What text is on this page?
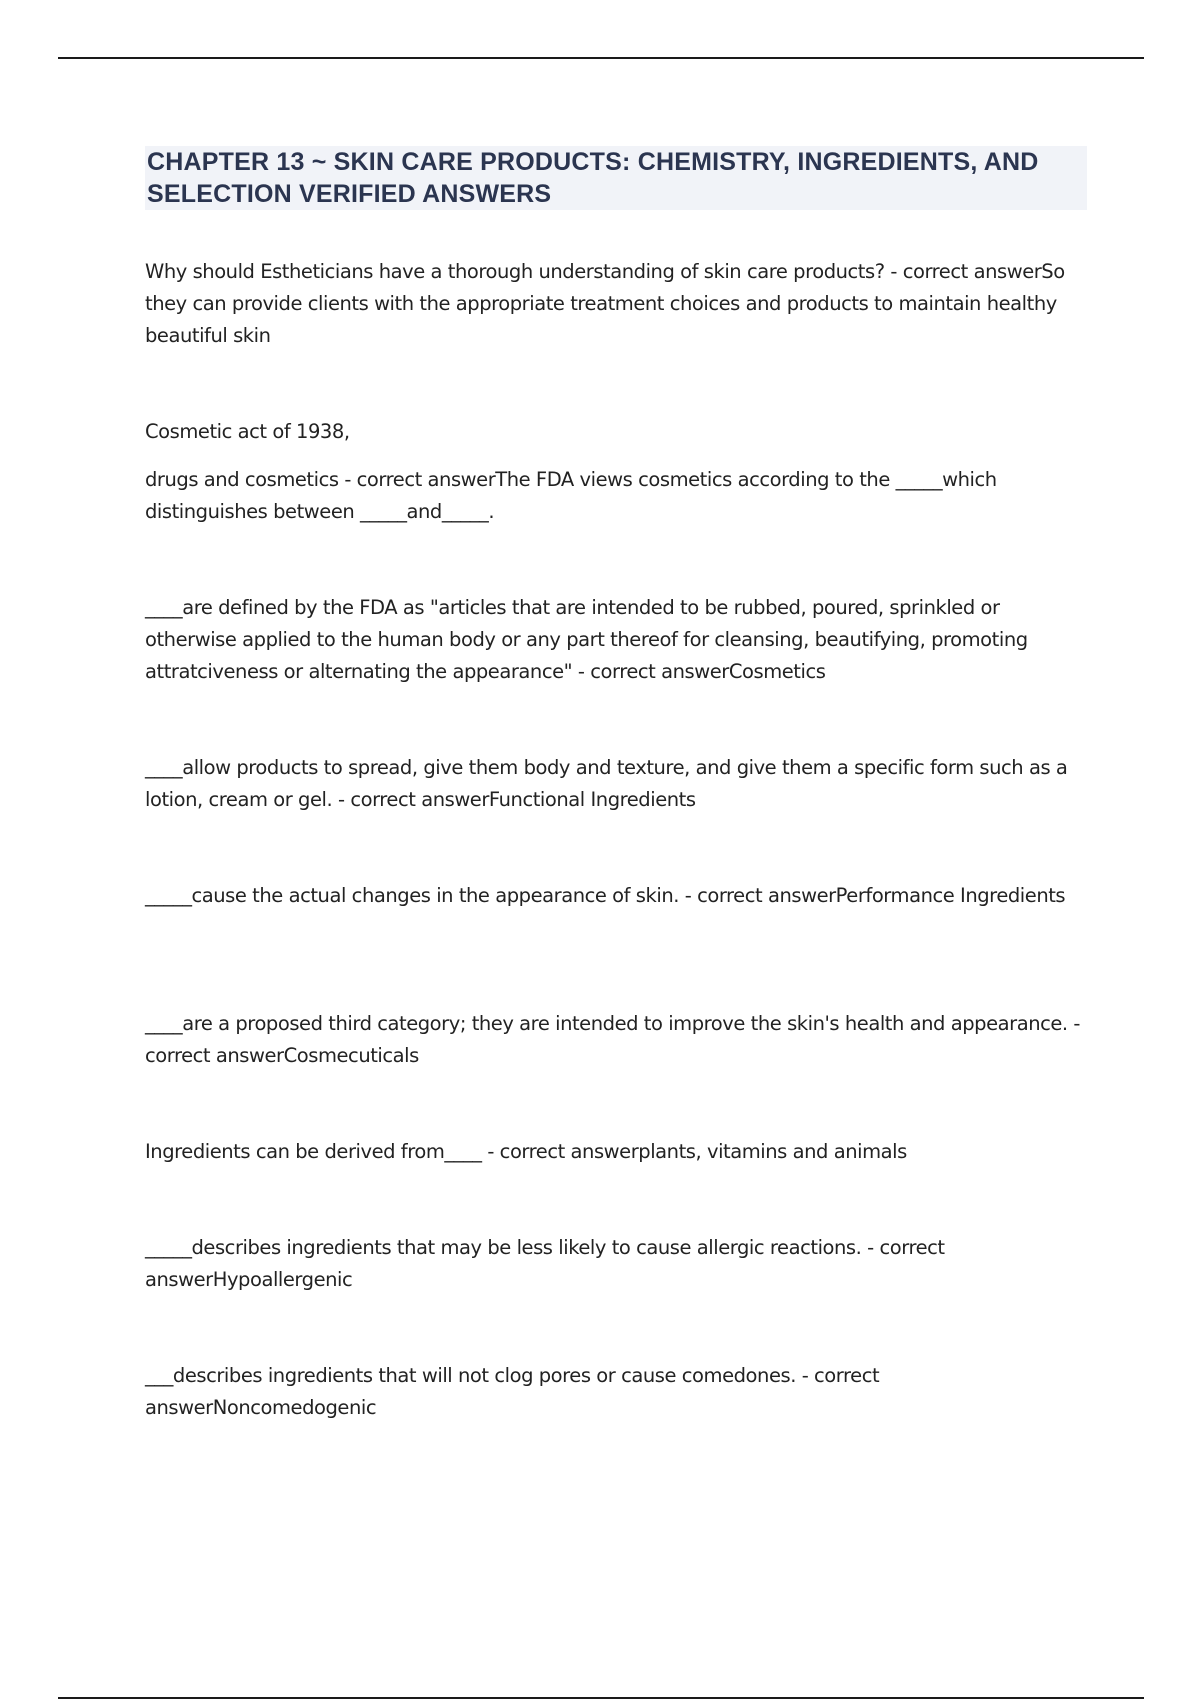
CHAPTER 13 ~ SKIN CARE PRODUCTS: CHEMISTRY, INGREDIENTS, AND SELECTION VERIFIED ANSWERS

Why should Estheticians have a thorough understanding of skin care products? - correct answerSo they can provide clients with the appropriate treatment choices and products to maintain healthy beautiful skin

Cosmetic act of 1938,

drugs and cosmetics - correct answerThe FDA views cosmetics according to the _____which distinguishes between _____and_____.

____are defined by the FDA as "articles that are intended to be rubbed, poured, sprinkled or otherwise applied to the human body or any part thereof for cleansing, beautifying, promoting attratciveness or alternating the appearance" - correct answerCosmetics

____allow products to spread, give them body and texture, and give them a specific form such as a lotion, cream or gel. - correct answerFunctional Ingredients

_____cause the actual changes in the appearance of skin. - correct answerPerformance Ingredients

____are a proposed third category; they are intended to improve the skin's health and appearance. - correct answerCosmecuticals

Ingredients can be derived from____ - correct answerplants, vitamins and animals

_____describes ingredients that may be less likely to cause allergic reactions. - correct answerHypoallergenic

___describes ingredients that will not clog pores or cause comedones. - correct answerNoncomedogenic
